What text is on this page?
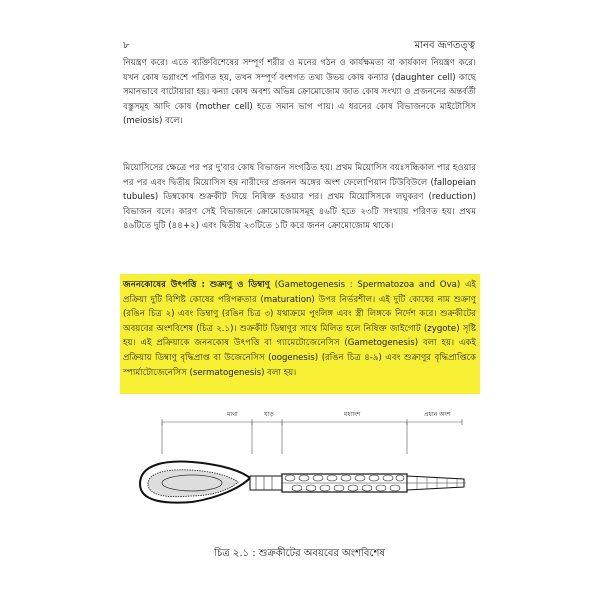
৮	মানব ভ্রূণতত্ত্ব
নিয়ন্ত্রণ করে। এতে ব্যক্তিবিশেষের সম্পূর্ণ শরীর ও মনের গঠন ও কার্যক্ষমতা বা কার্যকাল নিয়ন্ত্রণ করে। যখন কোষ ভগ্নাংশে পরিণত হয়, তখন সম্পূর্ণ বংশগত তথ্য উভয় কোষ কন্যার (daughter cell) কাছে সমানভাবে বাটোয়ারা হয়। কন্যা কোষ অবশ্য অভিন্ন ক্রোমোজোম জাত কোষ সংখ্যা ও প্রজননের অন্তর্বর্তী বস্তুসমূহ আদি কোষ (mother cell) হতে সমান ভাগ পায়। এ ধরনের কোষ বিভাজনকে মাইটোসিস (meiosis) বলে।
মিয়োসিসের ক্ষেত্রে পর পর দু'বার কোষ বিভাজন সংগঠিত হয়। প্রথম মিয়োসিস বয়ঃসন্ধিকাল পার হওয়ার পর পর এবং দ্বিতীয় মিয়োসিস হয় নারীদের প্রজনন অঙ্গের অংশ ফেলোপিয়ান টিউবিউলে (fallopeian tubules) ডিম্বকোষ শুক্রকীট দিয়ে নিষিক্ত হওয়ার পর। প্রথম মিয়োসিসকে লঘুকরণ (reduction) বিভাজন বলে। কারণ সেই বিভাজনে ক্রোমোজোমসমূহ ৪৬টি হতে ২৩টি সংখ্যায় পরিণত হয়। প্রথম ৪৬টিতে দুটি (৪৪+২) এবং দ্বিতীয় ২৩টিতে ১টি করে জনন ক্রোমোজোম থাকে।
জননকোষের উৎপত্তি : শুক্রাণু ও ডিম্বাণু (Gametogenesis : Spermatozoa and Ova) এই প্রক্রিয়া দুটি বিশিষ্ট কোষের পরিপক্বতার (maturation) উপর নির্ভরশীল। এই দুটি কোষের নাম শুক্রাণু (রঙিন চিত্র ২) এবং ডিম্বাণু (রঙিন চিত্র ৩) যথাক্রমে পুংলিঙ্গ এবং স্ত্রী লিঙ্গকে নির্দেশ করে। শুক্রকীটের অবয়বের অংশবিশেষ (চিত্র ২.১)। শুক্রকীট ডিম্বাণুর সাথে মিলিত হলে নিষিক্ত জাইগোট (zygote) সৃষ্টি হয়। এই প্রক্রিয়াকে জননকোষ উৎপত্তি বা গ্যামেটোজেনেসিস (Gametogenesis) বলা হয়। একই প্রক্রিয়ায় ডিম্বাণু বৃদ্ধিপ্রাপ্ত বা উজেনেসিস (oogenesis) (রঙিন চিত্র ৪-৯) এবং শুক্রাণুর বৃদ্ধিপ্রাপ্তিকে স্পার্মাটোজেনেসিস (sermatogenesis) বলা হয়।
মাথা	ঘাড়	মধ্যাংশ	প্রধান অংশ
চিত্র ২.১ : শুক্রকীটের অবয়বের অংশবিশেষ
